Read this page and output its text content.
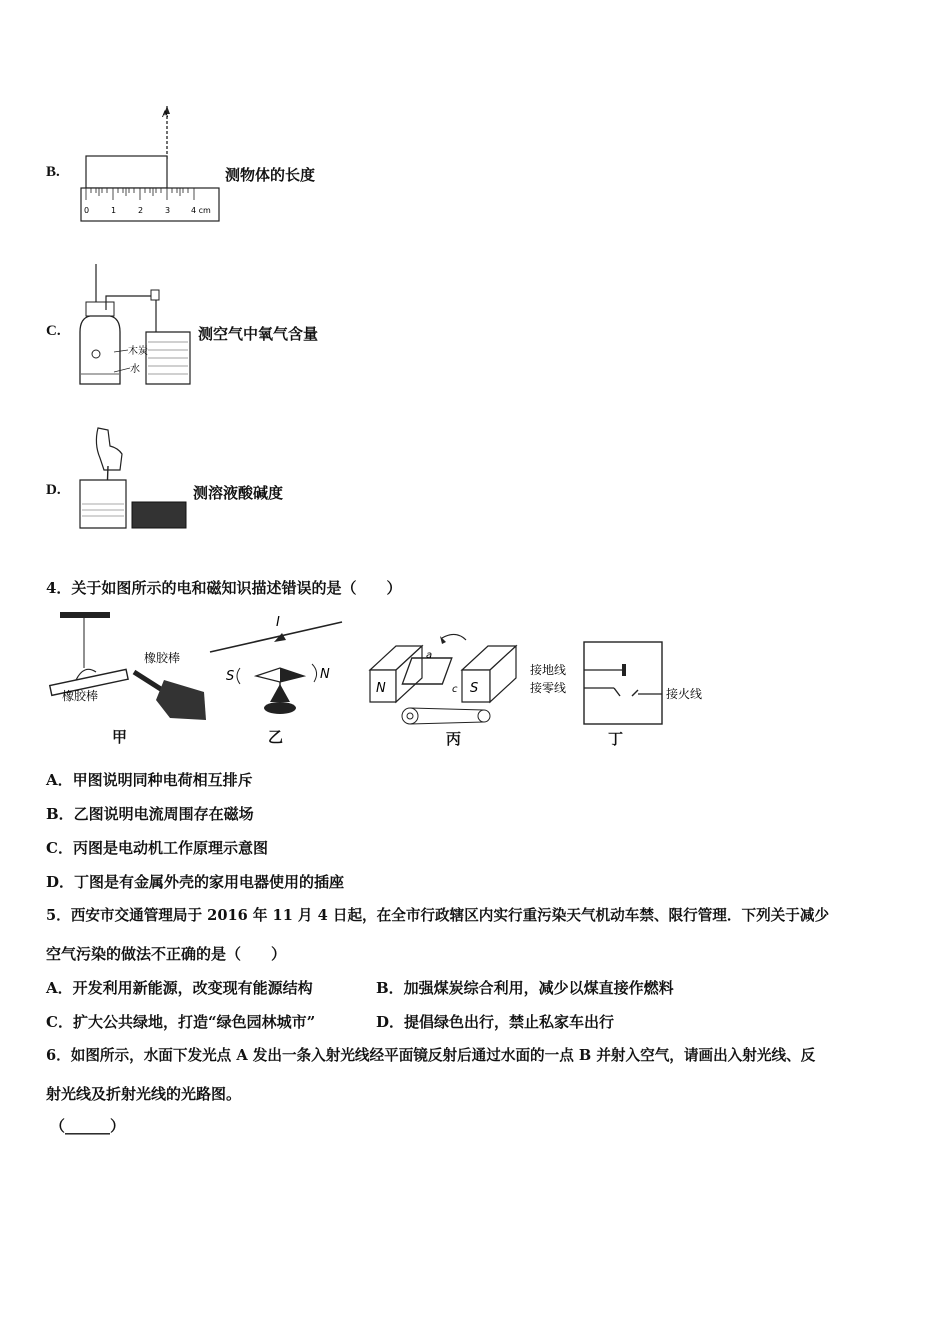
B.
A
0	1	2	3	4 cm
测物体的长度
C.
木炭
水
测空气中氧气含量
D.	测溶液酸碱度
4．关于如图所示的电和磁知识描述错误的是（　　）
橡胶棒
橡胶棒
甲
I
S	N
乙
N	S
a
c
丙
接地线
接零线	接火线
丁
A．甲图说明同种电荷相互排斥
B．乙图说明电流周围存在磁场
C．丙图是电动机工作原理示意图
D．丁图是有金属外壳的家用电器使用的插座
5．西安市交通管理局于 2016 年 11 月 4 日起，在全市行政辖区内实行重污染天气机动车禁、限行管理．下列关于减少
空气污染的做法不正确的是（　　）
A．开发利用新能源，改变现有能源结构	B．加强煤炭综合利用，减少以煤直接作燃料
C．扩大公共绿地，打造“绿色园林城市”	D．提倡绿色出行，禁止私家车出行
6．如图所示，水面下发光点 A 发出一条入射光线经平面镜反射后通过水面的一点 B 并射入空气，请画出入射光线、反
射光线及折射光线的光路图。
（______）
